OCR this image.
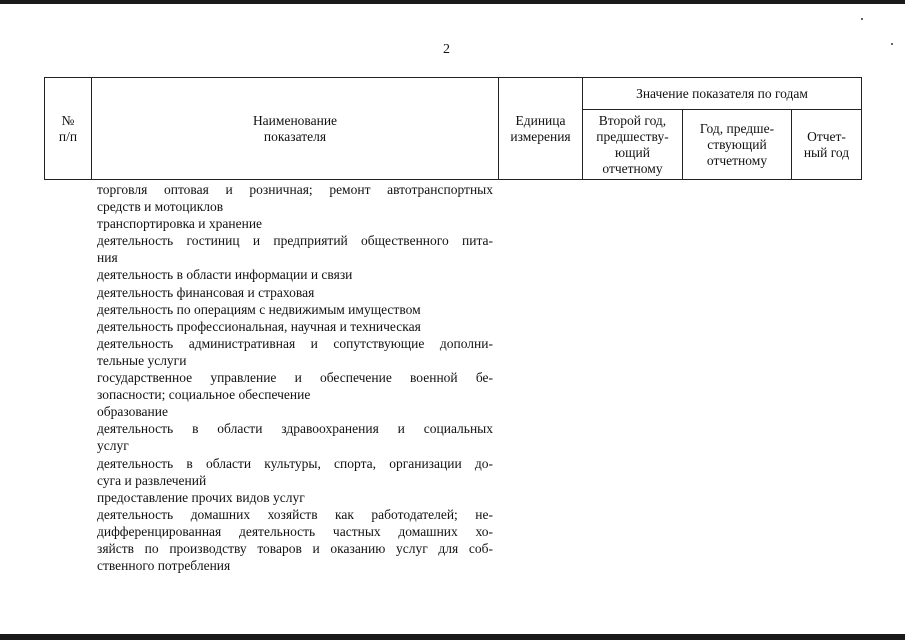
2
№
п/п
Наименование
показателя
Единица
измерения
Значение показателя по годам
Второй год,
предшеству-
ющий
отчетному
Год, предше-
ствующий
отчетному
Отчет-
ный год
торговля оптовая и розничная; ремонт автотранспортных
средств и мотоциклов
транспортировка и хранение
деятельность гостиниц и предприятий общественного пита-
ния
деятельность в области информации и связи
деятельность финансовая и страховая
деятельность по операциям с недвижимым имуществом
деятельность профессиональная, научная и техническая
деятельность административная и сопутствующие дополни-
тельные услуги
государственное управление и обеспечение военной бе-
зопасности; социальное обеспечение
образование
деятельность в области здравоохранения и социальных
услуг
деятельность в области культуры, спорта, организации до-
суга и развлечений
предоставление прочих видов услуг
деятельность домашних хозяйств как работодателей; не-
дифференцированная деятельность частных домашних хо-
зяйств по производству товаров и оказанию услуг для соб-
ственного потребления
